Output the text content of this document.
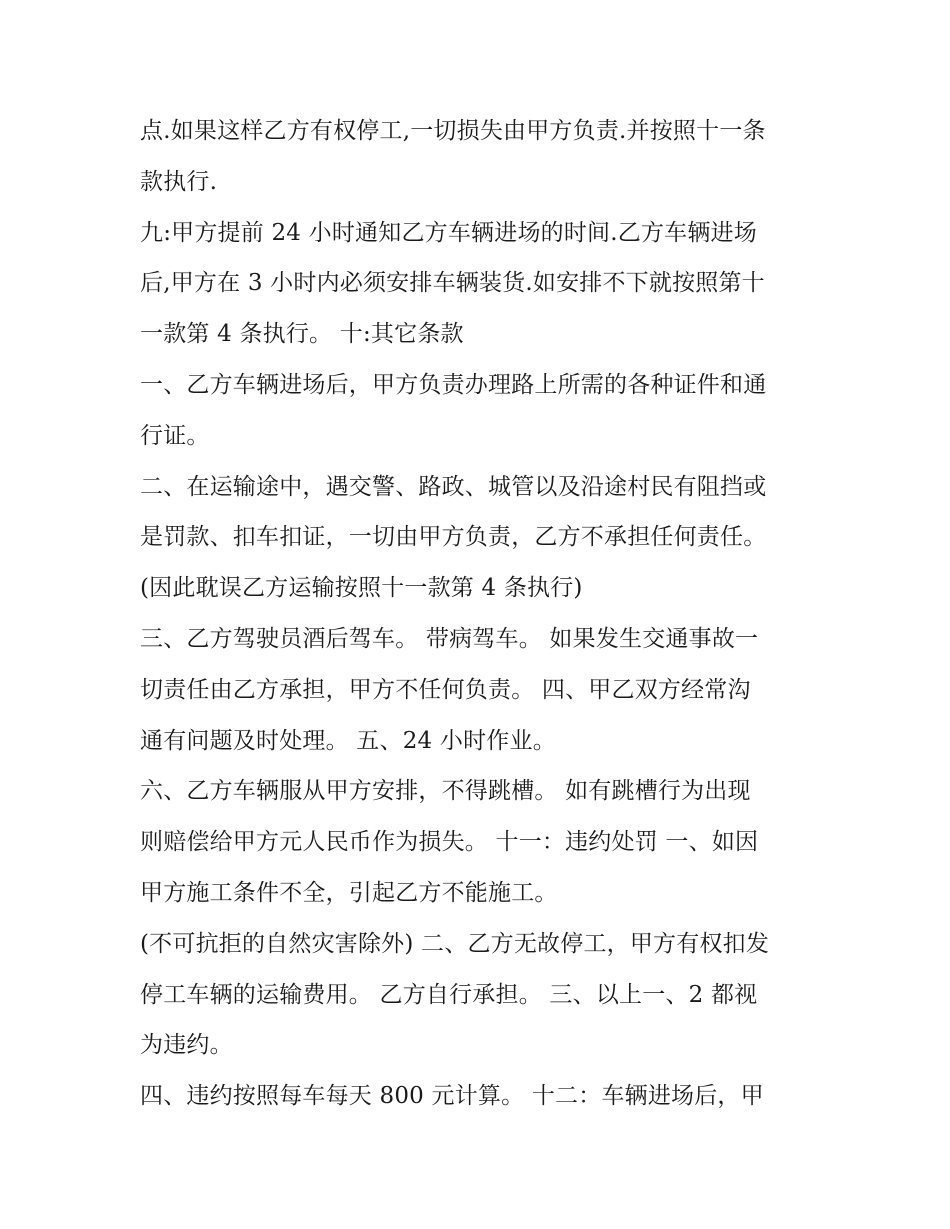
点.如果这样乙方有权停工,一切损失由甲方负责.并按照十一条
款执行.
九:甲方提前 24 小时通知乙方车辆进场的时间.乙方车辆进场
后,甲方在 3 小时内必须安排车辆装货.如安排不下就按照第十
一款第 4 条执行。 十:其它条款
一、乙方车辆进场后，甲方负责办理路上所需的各种证件和通
行证。
二、在运输途中，遇交警、路政、城管以及沿途村民有阻挡或
是罚款、扣车扣证，一切由甲方负责，乙方不承担任何责任。
(因此耽误乙方运输按照十一款第 4 条执行)
三、乙方驾驶员酒后驾车。 带病驾车。 如果发生交通事故一
切责任由乙方承担，甲方不任何负责。 四、甲乙双方经常沟
通有问题及时处理。 五、24 小时作业。
六、乙方车辆服从甲方安排，不得跳槽。 如有跳槽行为出现
则赔偿给甲方元人民币作为损失。 十一：违约处罚 一、如因
甲方施工条件不全，引起乙方不能施工。
(不可抗拒的自然灾害除外) 二、乙方无故停工，甲方有权扣发
停工车辆的运输费用。 乙方自行承担。 三、以上一、2 都视
为违约。
四、违约按照每车每天 800 元计算。 十二：车辆进场后，甲
